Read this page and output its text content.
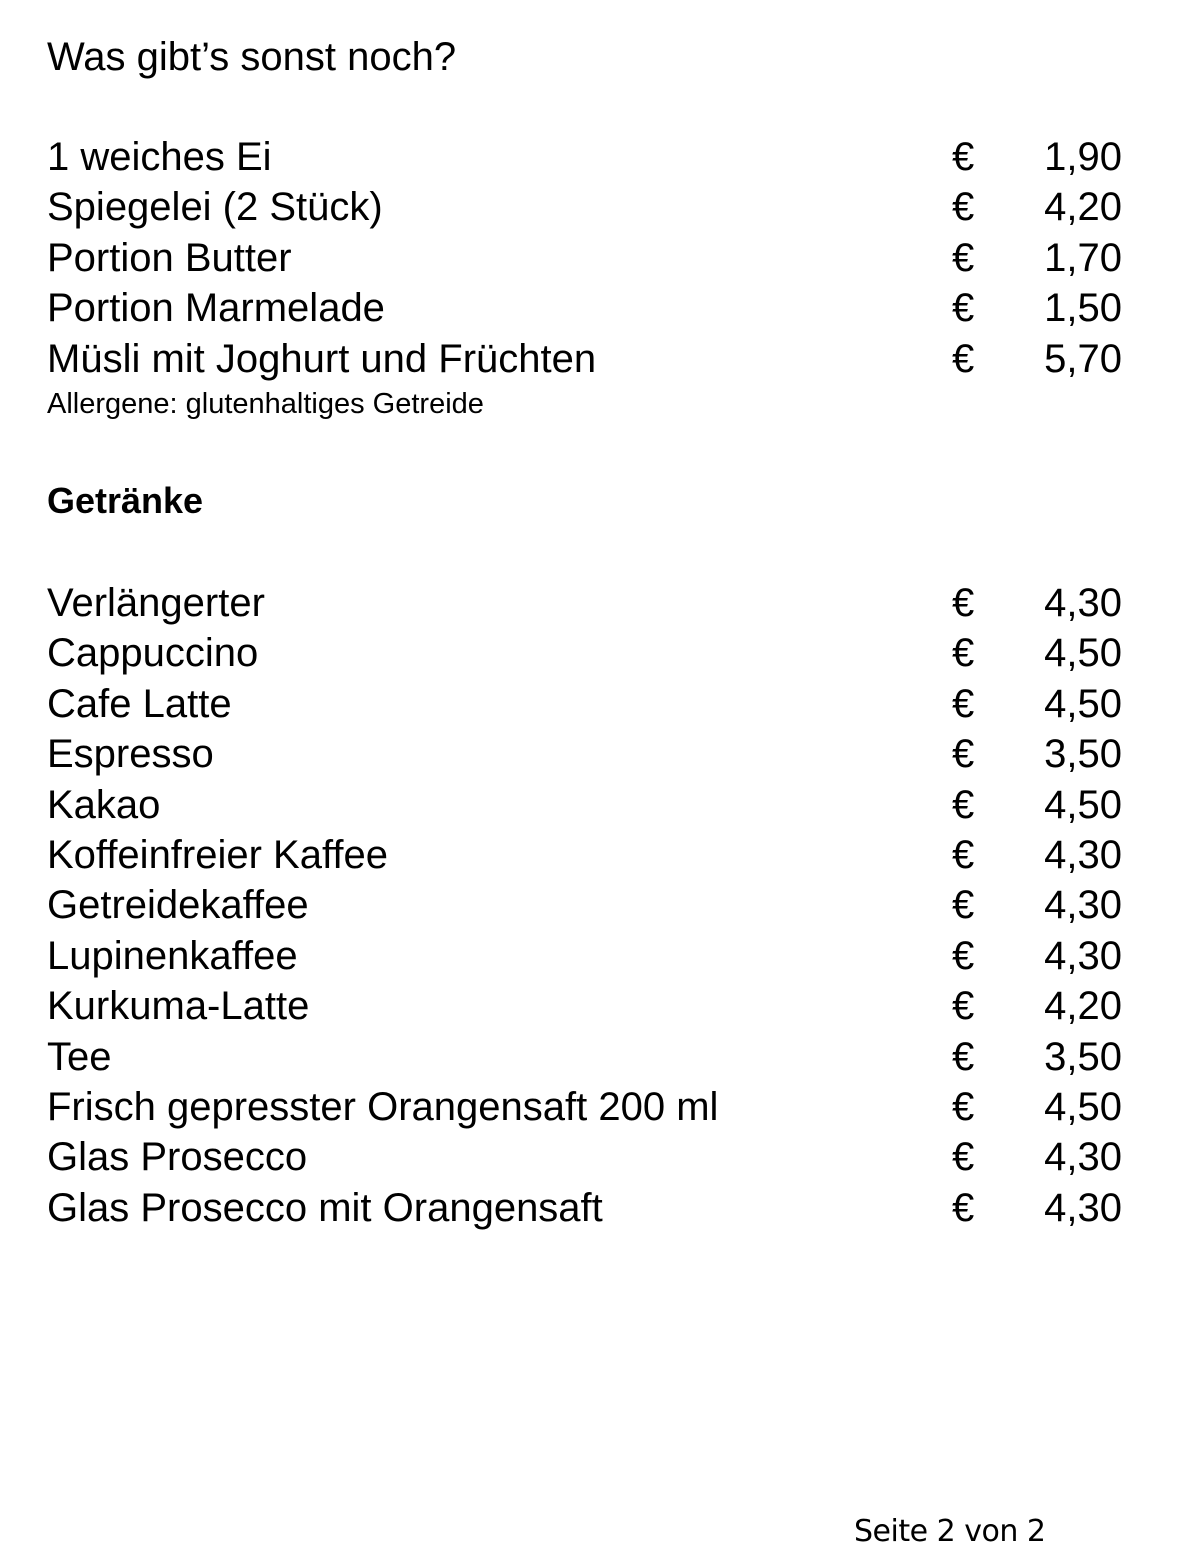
Was gibt’s sonst noch?
1 weiches Ei	€ 1,90
Spiegelei (2 Stück)	€ 4,20
Portion Butter	€ 1,70
Portion Marmelade	€ 1,50
Müsli mit Joghurt und Früchten	€ 5,70
Allergene: glutenhaltiges Getreide
Getränke
Verlängerter	€ 4,30
Cappuccino	€ 4,50
Cafe Latte	€ 4,50
Espresso	€ 3,50
Kakao	€ 4,50
Koffeinfreier Kaffee	€ 4,30
Getreidekaffee	€ 4,30
Lupinenkaffee	€ 4,30
Kurkuma-Latte	€ 4,20
Tee	€ 3,50
Frisch gepresster Orangensaft 200 ml	€ 4,50
Glas Prosecco	€ 4,30
Glas Prosecco mit Orangensaft	€ 4,30
Seite 2 von 2
